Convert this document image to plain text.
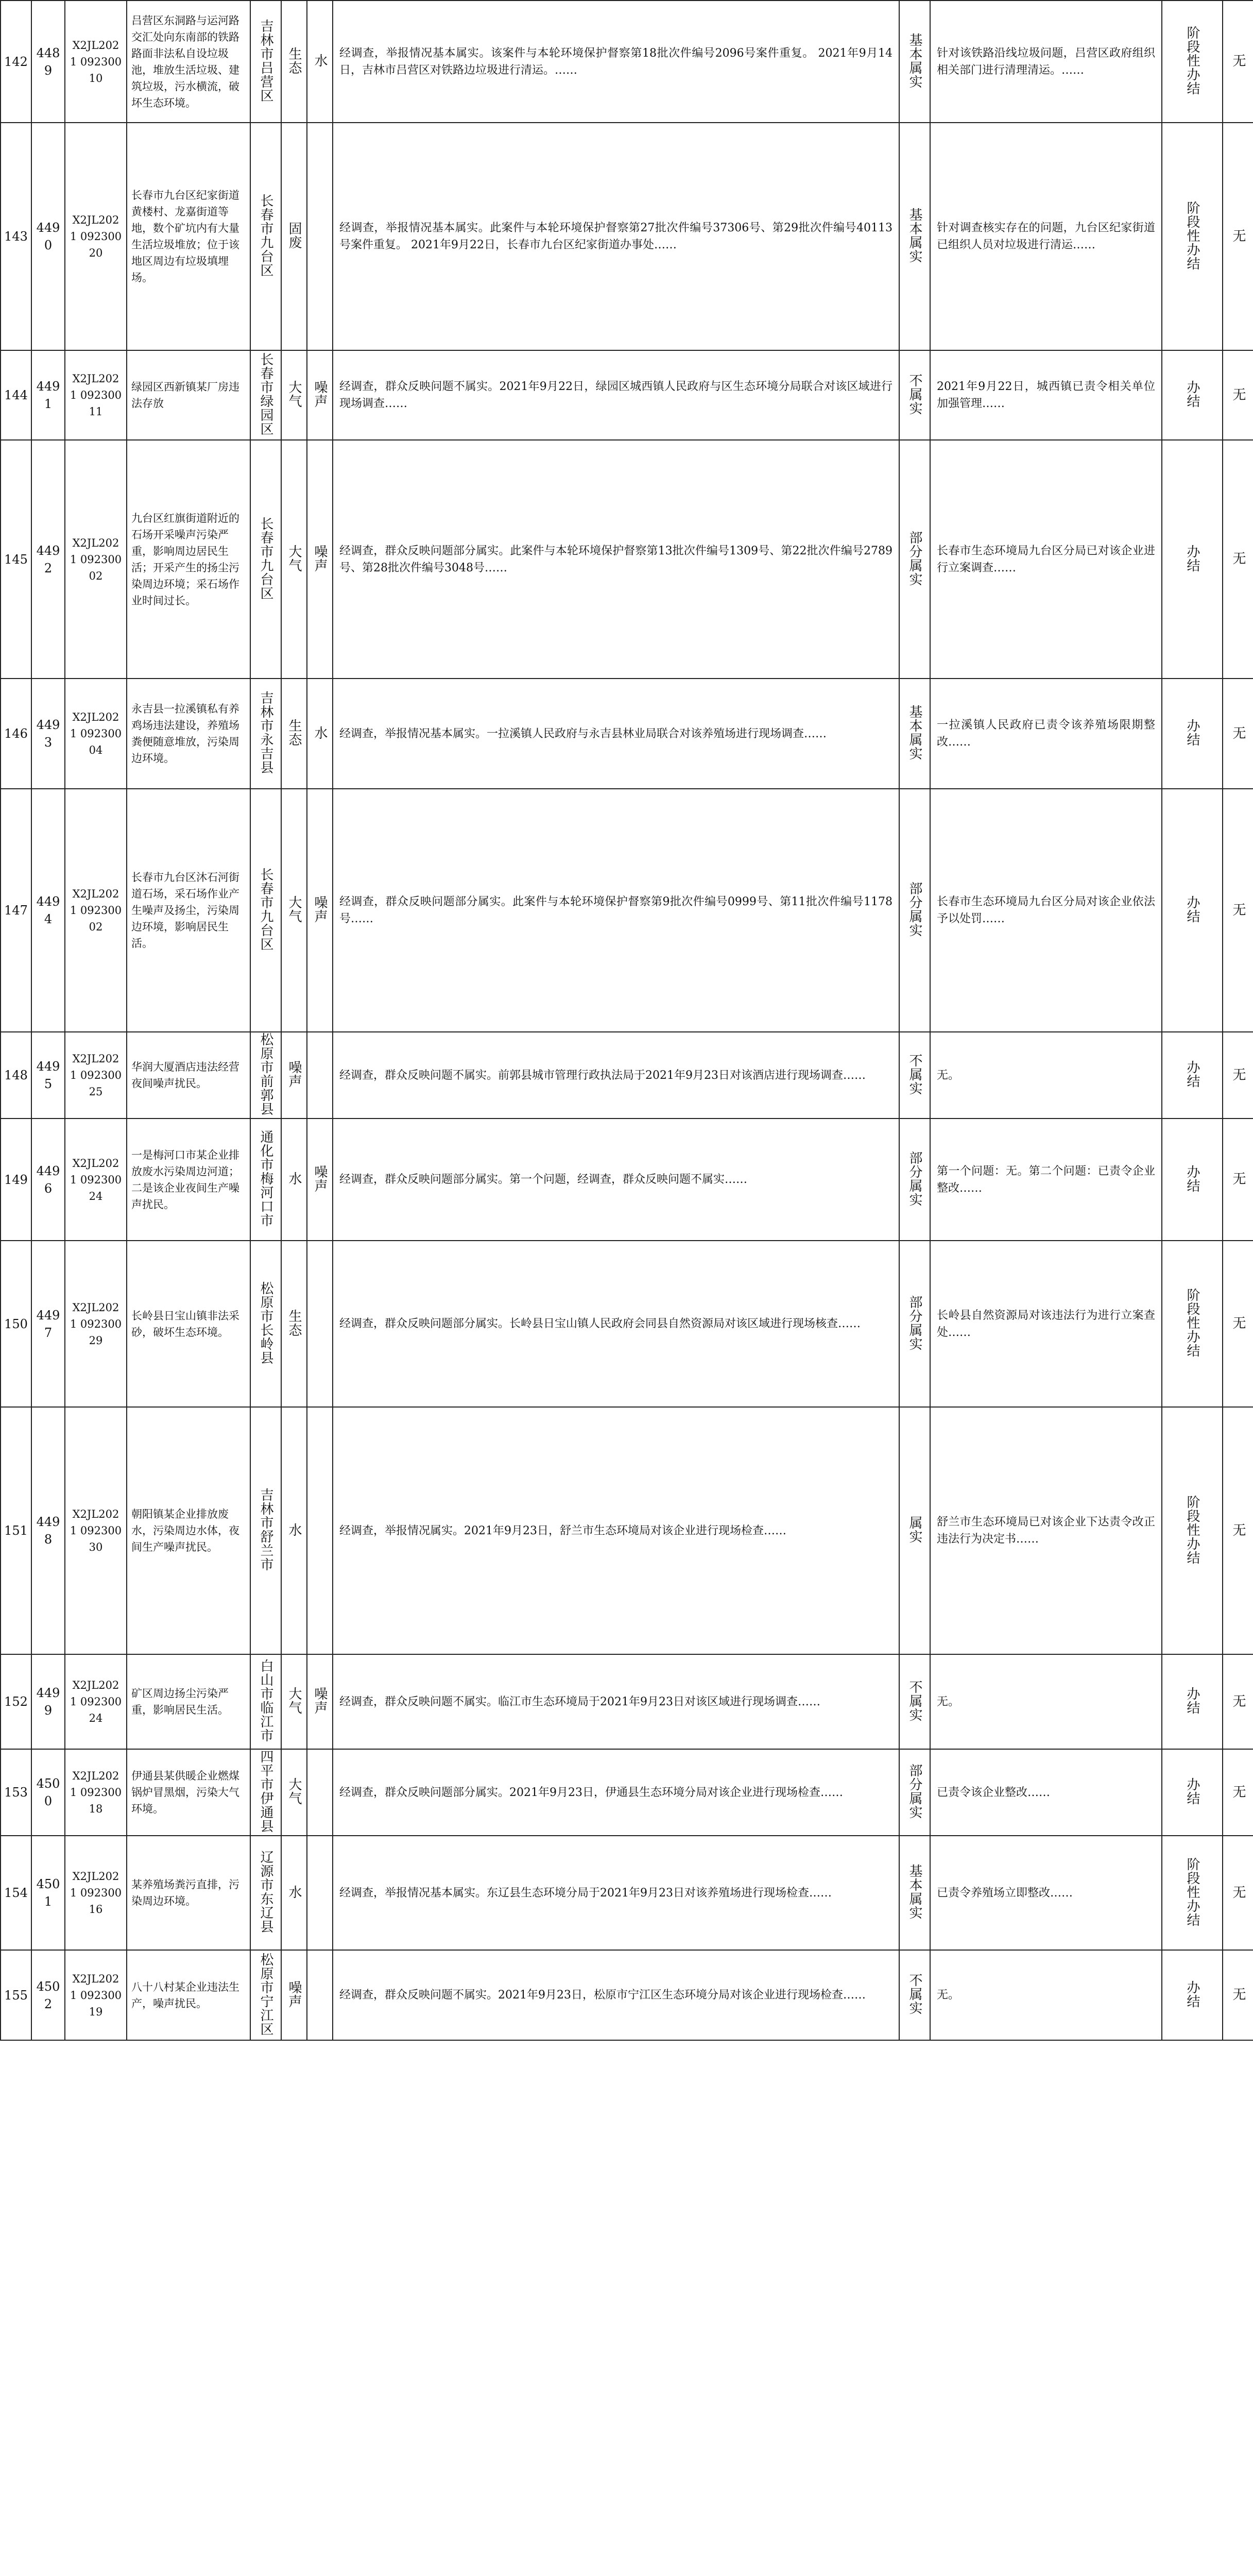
142	4489	X2JL2021 09230010	吕营区东洞路与运河路交汇处向东南部的铁路路面非法私自设垃圾池，堆放生活垃圾、建筑垃圾，污水横流，破坏生态环境。	吉林市吕营区	生态	水	经调查，举报情况基本属实。该案件与本轮环境保护督察第18批次件编号2096号案件重复。 2021年9月14日，吉林市吕营区对铁路边垃圾进行清运。……	基本属实	针对该铁路沿线垃圾问题，吕营区政府组织相关部门进行清理清运。……	阶段性办结	无

143	4490	X2JL2021 09230020	长春市九台区纪家街道黄楼村、龙嘉街道等地，数个矿坑内有大量生活垃圾堆放；位于该地区周边有垃圾填埋场。	长春市九台区	固废		经调查，举报情况基本属实。此案件与本轮环境保护督察第27批次件编号37306号、第29批次件编号40113号案件重复。 2021年9月22日，长春市九台区纪家街道办事处……	基本属实	针对调查核实存在的问题，九台区纪家街道已组织人员对垃圾进行清运……	阶段性办结	无

144	4491	X2JL2021 09230011	绿园区西新镇某厂房违法存放	长春市绿园区	大气	噪声	经调查，群众反映问题不属实。2021年9月22日，绿园区城西镇人民政府与区生态环境分局联合对该区域进行现场调查……	不属实	2021年9月22日，城西镇已责令相关单位加强管理……	办结	无

145	4492	X2JL2021 09230002	九台区红旗街道附近的石场开采噪声污染严重，影响周边居民生活；开采产生的扬尘污染周边环境；采石场作业时间过长。	长春市九台区	大气	噪声	经调查，群众反映问题部分属实。此案件与本轮环境保护督察第13批次件编号1309号、第22批次件编号2789号、第28批次件编号3048号……	部分属实	长春市生态环境局九台区分局已对该企业进行立案调查……	办结	无

146	4493	X2JL2021 09230004	永吉县一拉溪镇私有养鸡场违法建设，养殖场粪便随意堆放，污染周边环境。	吉林市永吉县	生态	水	经调查，举报情况基本属实。一拉溪镇人民政府与永吉县林业局联合对该养殖场进行现场调查……	基本属实	一拉溪镇人民政府已责令该养殖场限期整改……	办结	无

147	4494	X2JL2021 09230002	长春市九台区沐石河街道石场，采石场作业产生噪声及扬尘，污染周边环境，影响居民生活。	长春市九台区	大气	噪声	经调查，群众反映问题部分属实。此案件与本轮环境保护督察第9批次件编号0999号、第11批次件编号1178号……	部分属实	长春市生态环境局九台区分局对该企业依法予以处罚……	办结	无

148	4495	X2JL2021 09230025	华润大厦酒店违法经营夜间噪声扰民。	松原市前郭县	噪声		经调查，群众反映问题不属实。前郭县城市管理行政执法局于2021年9月23日对该酒店进行现场调查……	不属实	无。	办结	无

149	4496	X2JL2021 09230024	一是梅河口市某企业排放废水污染周边河道；二是该企业夜间生产噪声扰民。	通化市梅河口市	水	噪声	经调查，群众反映问题部分属实。第一个问题，经调查，群众反映问题不属实……	部分属实	第一个问题：无。第二个问题：已责令企业整改……	办结	无

150	4497	X2JL2021 09230029	长岭县日宝山镇非法采砂，破坏生态环境。	松原市长岭县	生态		经调查，群众反映问题部分属实。长岭县日宝山镇人民政府会同县自然资源局对该区域进行现场核查……	部分属实	长岭县自然资源局对该违法行为进行立案查处……	阶段性办结	无

151	4498	X2JL2021 09230030	朝阳镇某企业排放废水，污染周边水体，夜间生产噪声扰民。	吉林市舒兰市	水		经调查，举报情况属实。2021年9月23日，舒兰市生态环境局对该企业进行现场检查……	属实	舒兰市生态环境局已对该企业下达责令改正违法行为决定书……	阶段性办结	无

152	4499	X2JL2021 09230024	矿区周边扬尘污染严重，影响居民生活。	白山市临江市	大气	噪声	经调查，群众反映问题不属实。临江市生态环境局于2021年9月23日对该区域进行现场调查……	不属实	无。	办结	无

153	4500	X2JL2021 09230018	伊通县某供暖企业燃煤锅炉冒黑烟，污染大气环境。	四平市伊通县	大气		经调查，群众反映问题部分属实。2021年9月23日，伊通县生态环境分局对该企业进行现场检查……	部分属实	已责令该企业整改……	办结	无

154	4501	X2JL2021 09230016	某养殖场粪污直排，污染周边环境。	辽源市东辽县	水		经调查，举报情况基本属实。东辽县生态环境分局于2021年9月23日对该养殖场进行现场检查……	基本属实	已责令养殖场立即整改……	阶段性办结	无

155	4502	X2JL2021 09230019	八十八村某企业违法生产，噪声扰民。	松原市宁江区	噪声		经调查，群众反映问题不属实。2021年9月23日，松原市宁江区生态环境分局对该企业进行现场检查……	不属实	无。	办结	无
